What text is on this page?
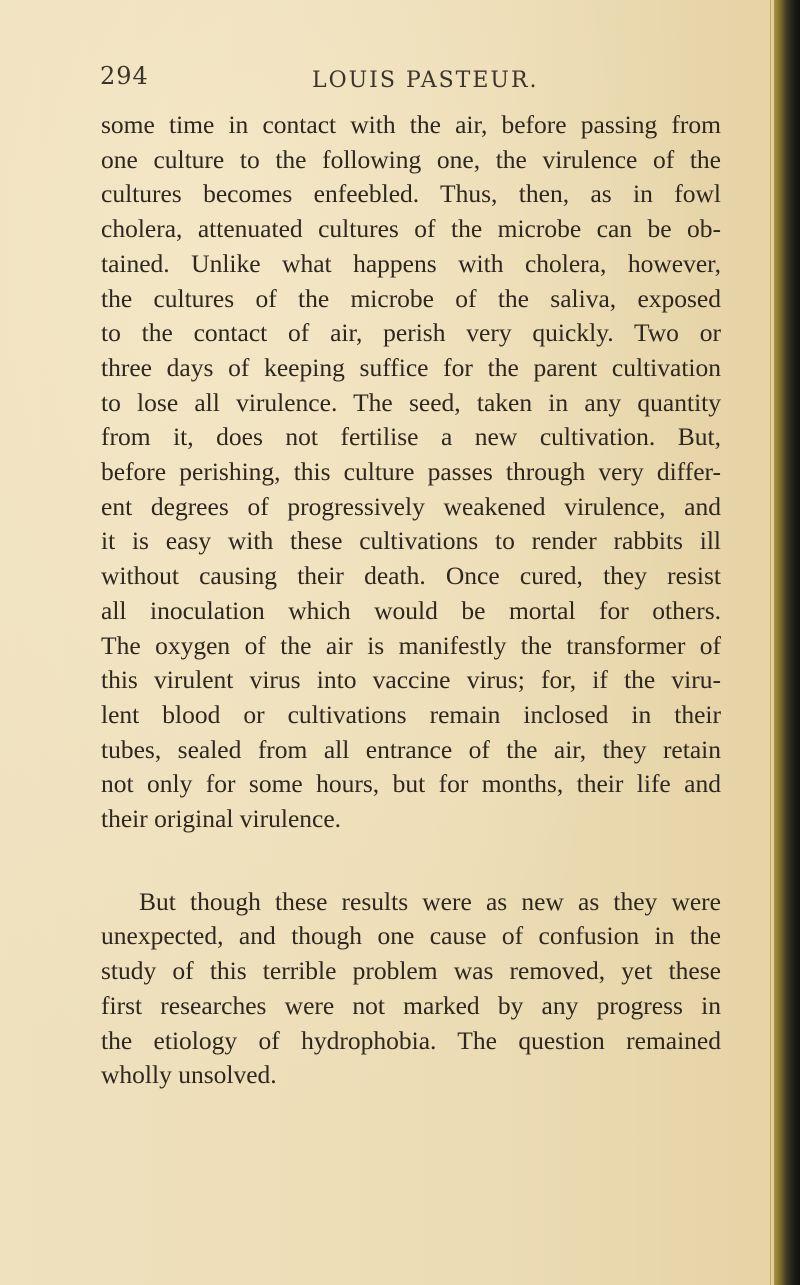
294	LOUIS PASTEUR.

some time in contact with the air, before passing from
one culture to the following one, the virulence of the
cultures becomes enfeebled. Thus, then, as in fowl
cholera, attenuated cultures of the microbe can be ob-
tained. Unlike what happens with cholera, however,
the cultures of the microbe of the saliva, exposed
to the contact of air, perish very quickly. Two or
three days of keeping suffice for the parent cultivation
to lose all virulence. The seed, taken in any quantity
from it, does not fertilise a new cultivation. But,
before perishing, this culture passes through very differ-
ent degrees of progressively weakened virulence, and
it is easy with these cultivations to render rabbits ill
without causing their death. Once cured, they resist
all inoculation which would be mortal for others.
The oxygen of the air is manifestly the transformer of
this virulent virus into vaccine virus; for, if the viru-
lent blood or cultivations remain inclosed in their
tubes, sealed from all entrance of the air, they retain
not only for some hours, but for months, their life and
their original virulence.
But though these results were as new as they were
unexpected, and though one cause of confusion in the
study of this terrible problem was removed, yet these
first researches were not marked by any progress in
the etiology of hydrophobia. The question remained
wholly unsolved.
